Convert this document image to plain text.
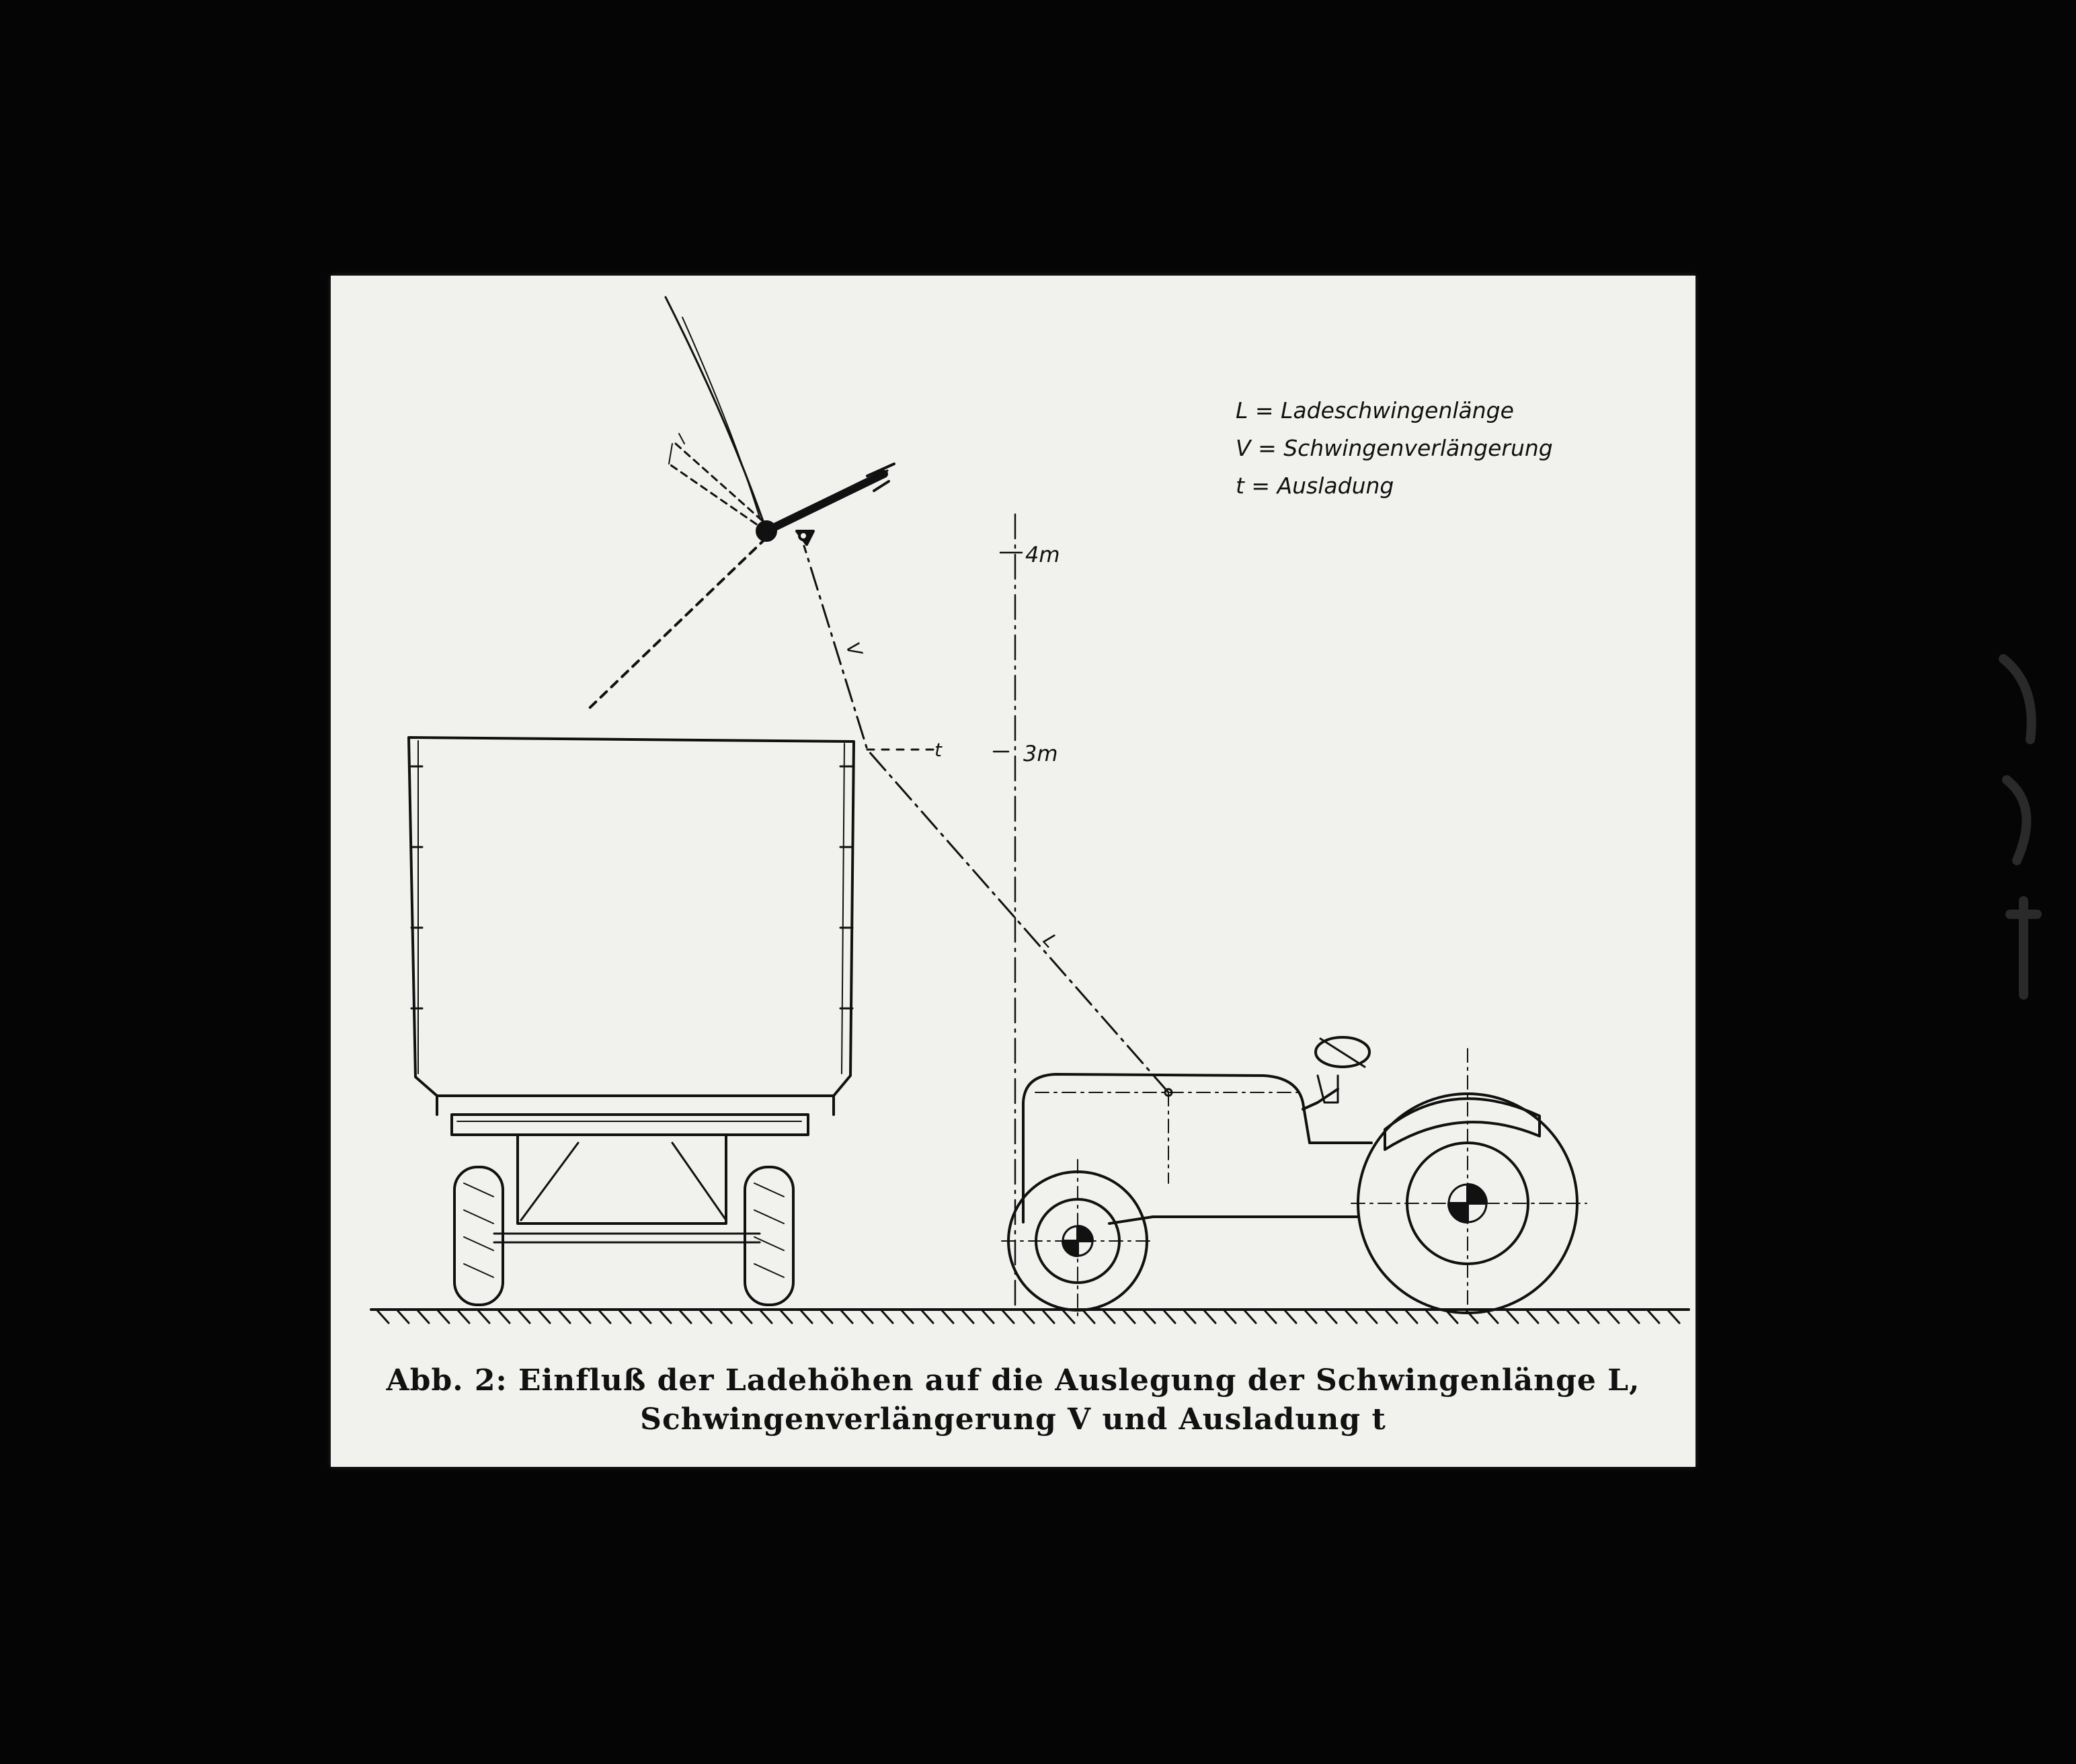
L = Ladeschwingenlänge
V = Schwingenverlängerung
t = Ausladung
4m
3m
L
V
t
Abb. 2: Einfluß der Ladehöhen auf die Auslegung der Schwingenlänge L,
Schwingenverlängerung V und Ausladung t
